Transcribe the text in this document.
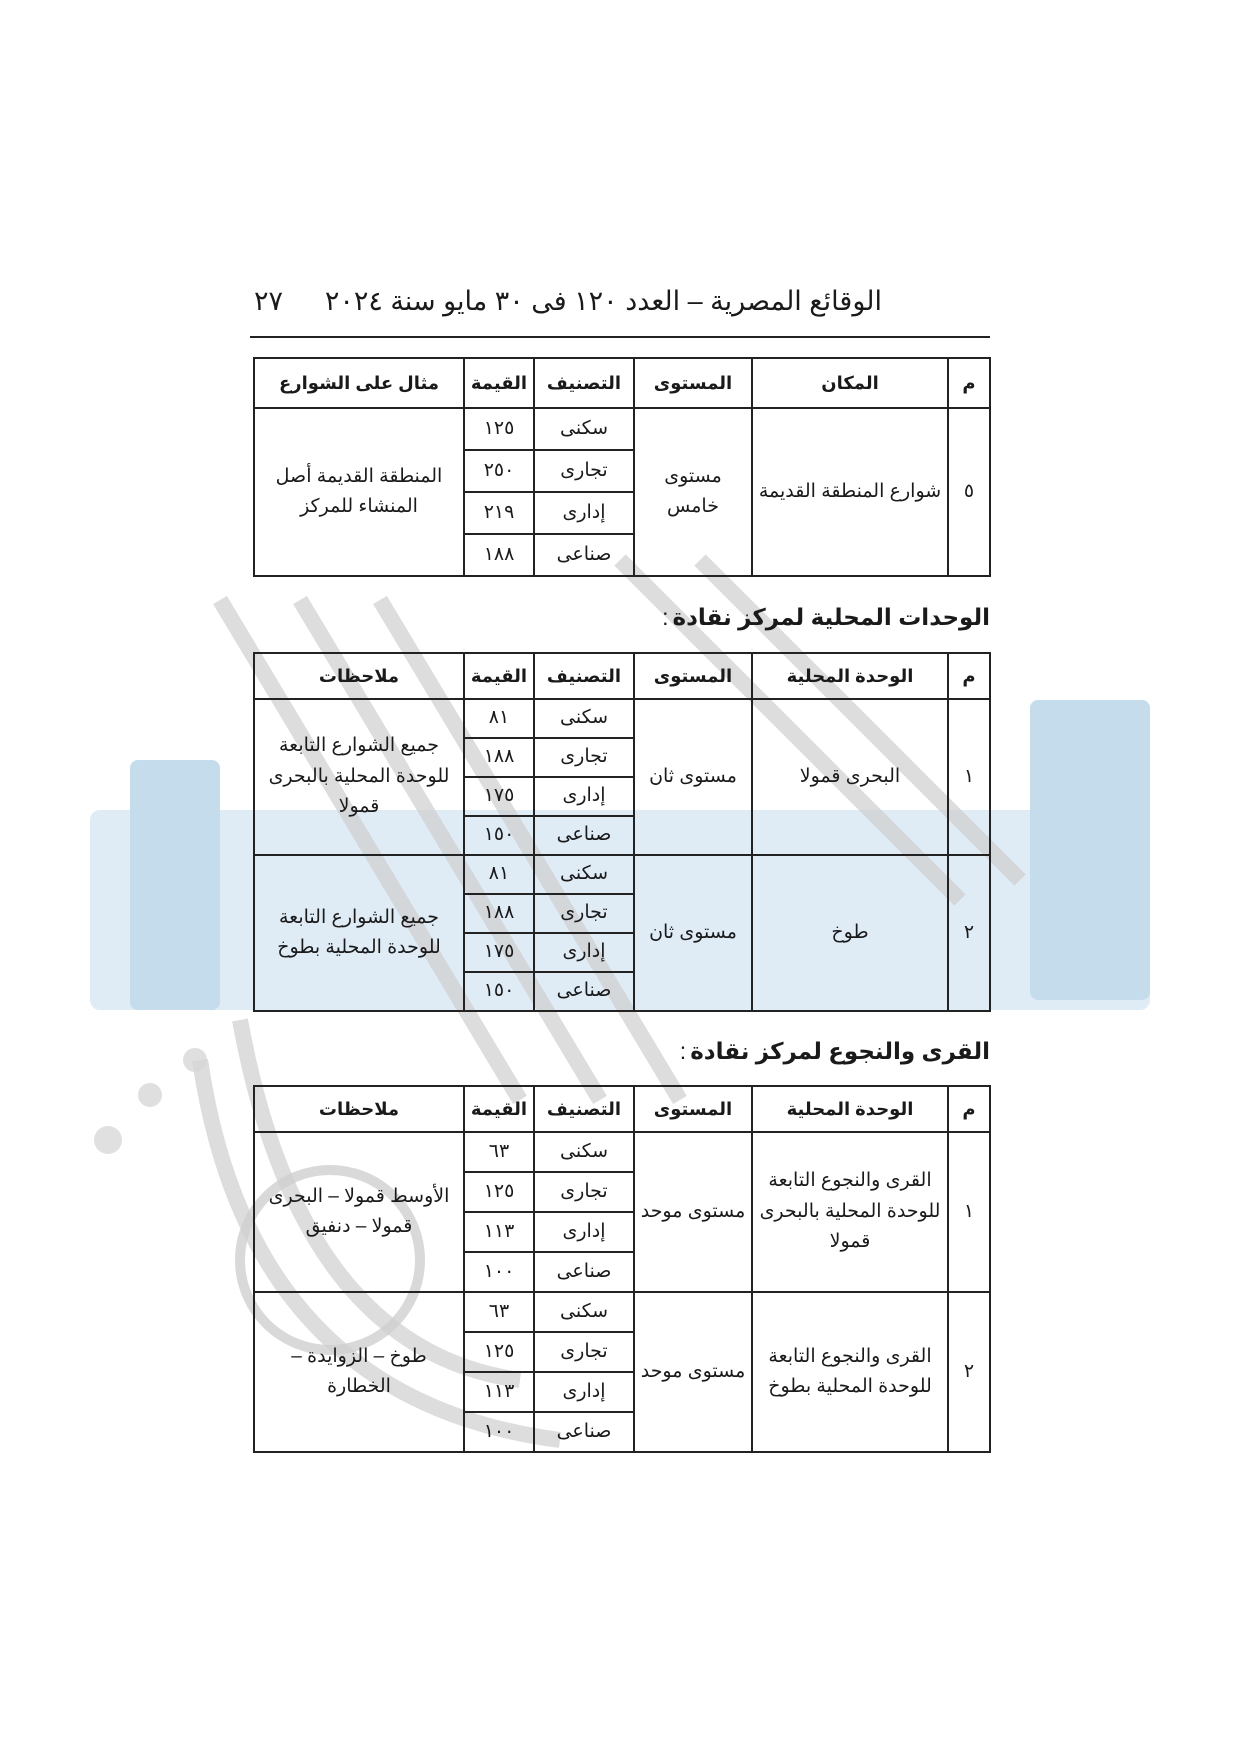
الوقائع المصرية – العدد ١٢٠ فى ٣٠ مايو سنة ٢٠٢٤
٢٧
م	المكان	المستوى	التصنيف	القيمة	مثال على الشوارع
٥	شوارع المنطقة القديمة	مستوى خامس	سكنى	١٢٥	المنطقة القديمة أصل المنشاء للمركز
			تجارى	٢٥٠	
			إدارى	٢١٩	
			صناعى	١٨٨	
الوحدات المحلية لمركز نقادة:
م	الوحدة المحلية	المستوى	التصنيف	القيمة	ملاحظات
١	البحرى قمولا	مستوى ثان	سكنى	٨١	جميع الشوارع التابعة للوحدة المحلية بالبحرى قمولا
			تجارى	١٨٨	
			إدارى	١٧٥	
			صناعى	١٥٠	
٢	طوخ	مستوى ثان	سكنى	٨١	جميع الشوارع التابعة للوحدة المحلية بطوخ
			تجارى	١٨٨	
			إدارى	١٧٥	
			صناعى	١٥٠	
القرى والنجوع لمركز نقادة:
م	الوحدة المحلية	المستوى	التصنيف	القيمة	ملاحظات
١	القرى والنجوع التابعة للوحدة المحلية بالبحرى قمولا	مستوى موحد	سكنى	٦٣	الأوسط قمولا – البحرى قمولا – دنفيق
			تجارى	١٢٥	
			إدارى	١١٣	
			صناعى	١٠٠	
٢	القرى والنجوع التابعة للوحدة المحلية بطوخ	مستوى موحد	سكنى	٦٣	طوخ – الزوايدة – الخطارة
			تجارى	١٢٥	
			إدارى	١١٣	
			صناعى	١٠٠	
